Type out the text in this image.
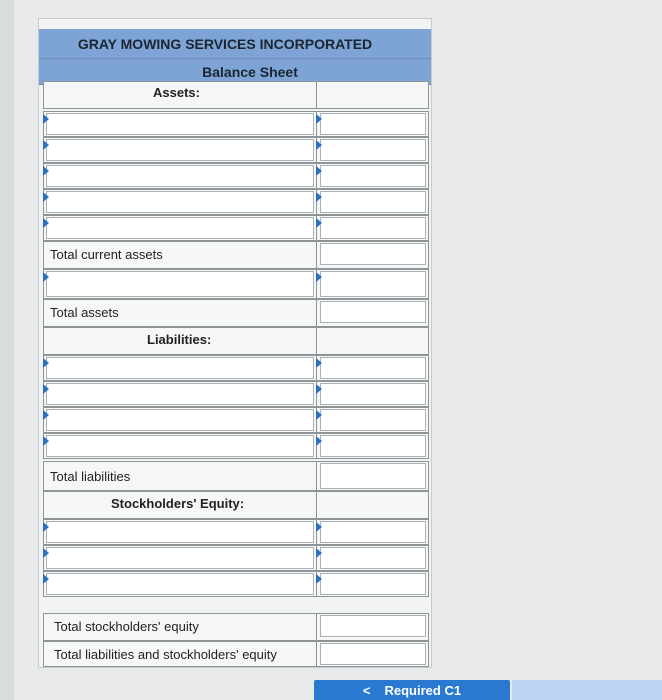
GRAY MOWING SERVICES INCORPORATED
Balance Sheet
Assets:
Total current assets
Total assets
Liabilities:
Total liabilities
Stockholders' Equity:
Total stockholders' equity
Total liabilities and stockholders' equity
< Required C1
